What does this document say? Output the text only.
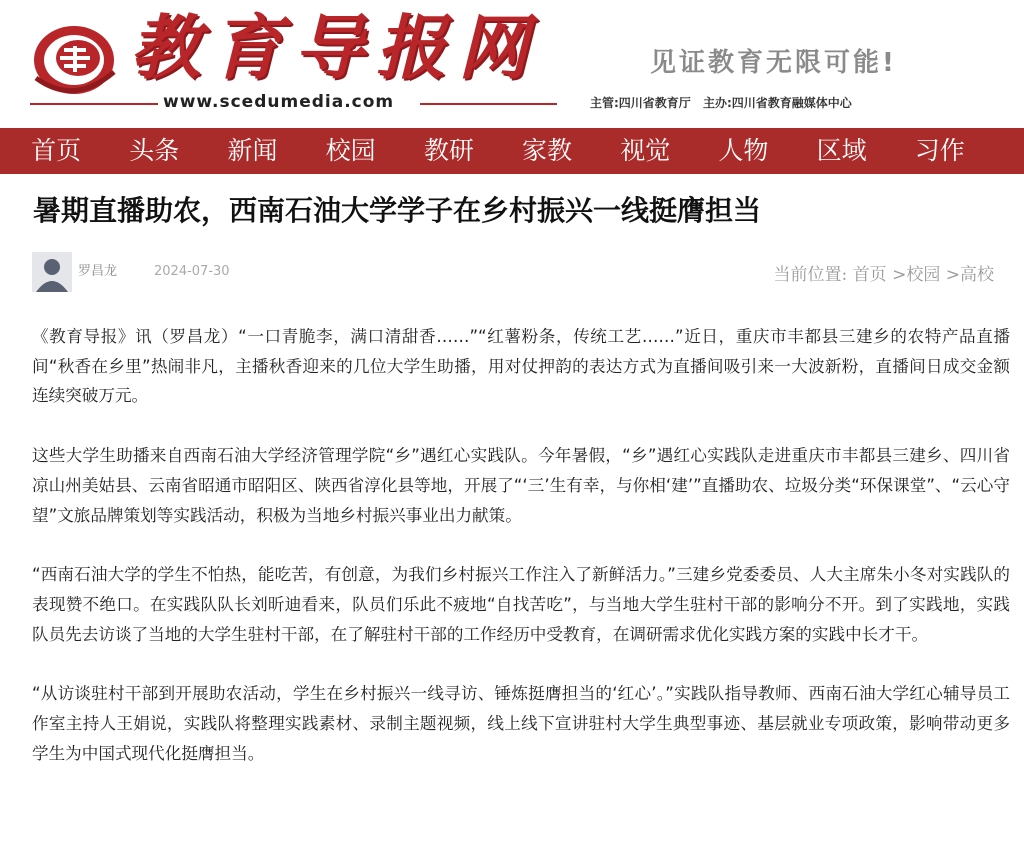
教育导报网
www.scedumedia.com
见证教育无限可能!
主管:四川省教育厅 主办:四川省教育融媒体中心
首页	头条	新闻	校园	教研	家教	视觉	人物	区域	习作
暑期直播助农，西南石油大学学子在乡村振兴一线挺膺担当
罗昌龙	2024-07-30	当前位置: 首页 >校园 >高校

《教育导报》讯（罗昌龙）“一口青脆李，满口清甜香……”“红薯粉条，传统工艺……”近日，重庆市丰都县三建乡的农特产品直播间“秋香在乡里”热闹非凡，主播秋香迎来的几位大学生助播，用对仗押韵的表达方式为直播间吸引来一大波新粉，直播间日成交金额连续突破万元。

这些大学生助播来自西南石油大学经济管理学院“乡”遇红心实践队。今年暑假，“乡”遇红心实践队走进重庆市丰都县三建乡、四川省凉山州美姑县、云南省昭通市昭阳区、陕西省淳化县等地，开展了“‘三’生有幸，与你相‘建’”直播助农、垃圾分类“环保课堂”、“云心守望”文旅品牌策划等实践活动，积极为当地乡村振兴事业出力献策。

“西南石油大学的学生不怕热，能吃苦，有创意，为我们乡村振兴工作注入了新鲜活力。”三建乡党委委员、人大主席朱小冬对实践队的表现赞不绝口。在实践队队长刘昕迪看来，队员们乐此不疲地“自找苦吃”，与当地大学生驻村干部的影响分不开。到了实践地，实践队员先去访谈了当地的大学生驻村干部，在了解驻村干部的工作经历中受教育，在调研需求优化实践方案的实践中长才干。

“从访谈驻村干部到开展助农活动，学生在乡村振兴一线寻访、锤炼挺膺担当的‘红心’。”实践队指导教师、西南石油大学红心辅导员工作室主持人王娟说，实践队将整理实践素材、录制主题视频，线上线下宣讲驻村大学生典型事迹、基层就业专项政策，影响带动更多学生为中国式现代化挺膺担当。
